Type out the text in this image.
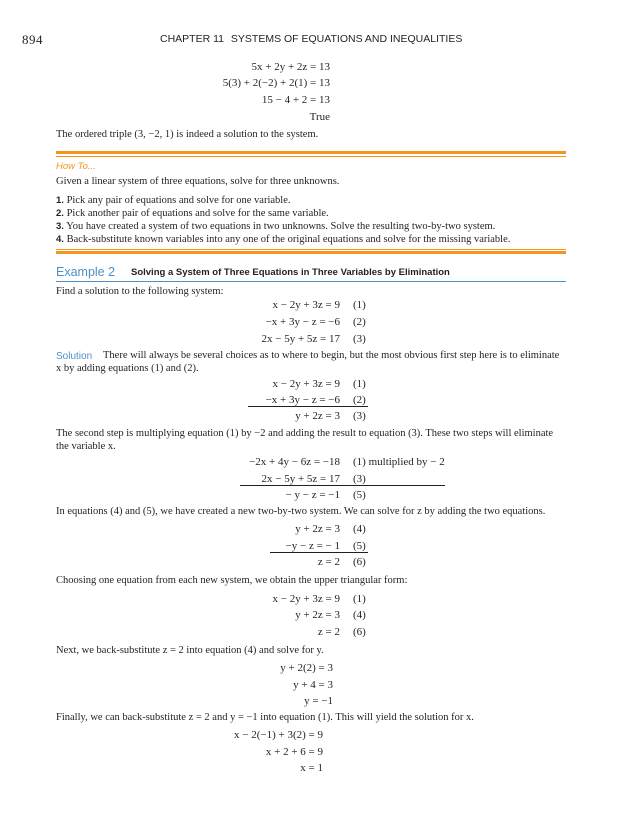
894	CHAPTER 11 SYSTEMS OF EQUATIONS AND INEQUALITIES
5x + 2y + 2z = 13
5(3) + 2(−2) + 2(1) = 13
15 − 4 + 2 = 13
True
The ordered triple (3, −2, 1) is indeed a solution to the system.
How To...
Given a linear system of three equations, solve for three unknowns.
1. Pick any pair of equations and solve for one variable.
2. Pick another pair of equations and solve for the same variable.
3. You have created a system of two equations in two unknowns. Solve the resulting two-by-two system.
4. Back-substitute known variables into any one of the original equations and solve for the missing variable.
Example 2 Solving a System of Three Equations in Three Variables by Elimination
Find a solution to the following system:
x − 2y + 3z = 9 (1)
−x + 3y − z = −6 (2)
2x − 5y + 5z = 17 (3)
Solution There will always be several choices as to where to begin, but the most obvious first step here is to eliminate
x by adding equations (1) and (2).
x − 2y + 3z = 9 (1)
−x + 3y − z = −6 (2)
y + 2z = 3 (3)
The second step is multiplying equation (1) by −2 and adding the result to equation (3). These two steps will eliminate
the variable x.
−2x + 4y − 6z = −18 (1) multiplied by − 2
2x − 5y + 5z = 17 (3)
− y − z = −1 (5)
In equations (4) and (5), we have created a new two-by-two system. We can solve for z by adding the two equations.
y + 2z = 3 (4)
−y − z = − 1 (5)
z = 2 (6)
Choosing one equation from each new system, we obtain the upper triangular form:
x − 2y + 3z = 9 (1)
y + 2z = 3 (4)
z = 2 (6)
Next, we back-substitute z = 2 into equation (4) and solve for y.
y + 2(2) = 3
y + 4 = 3
y = −1
Finally, we can back-substitute z = 2 and y = −1 into equation (1). This will yield the solution for x.
x − 2(−1) + 3(2) = 9
x + 2 + 6 = 9
x = 1
